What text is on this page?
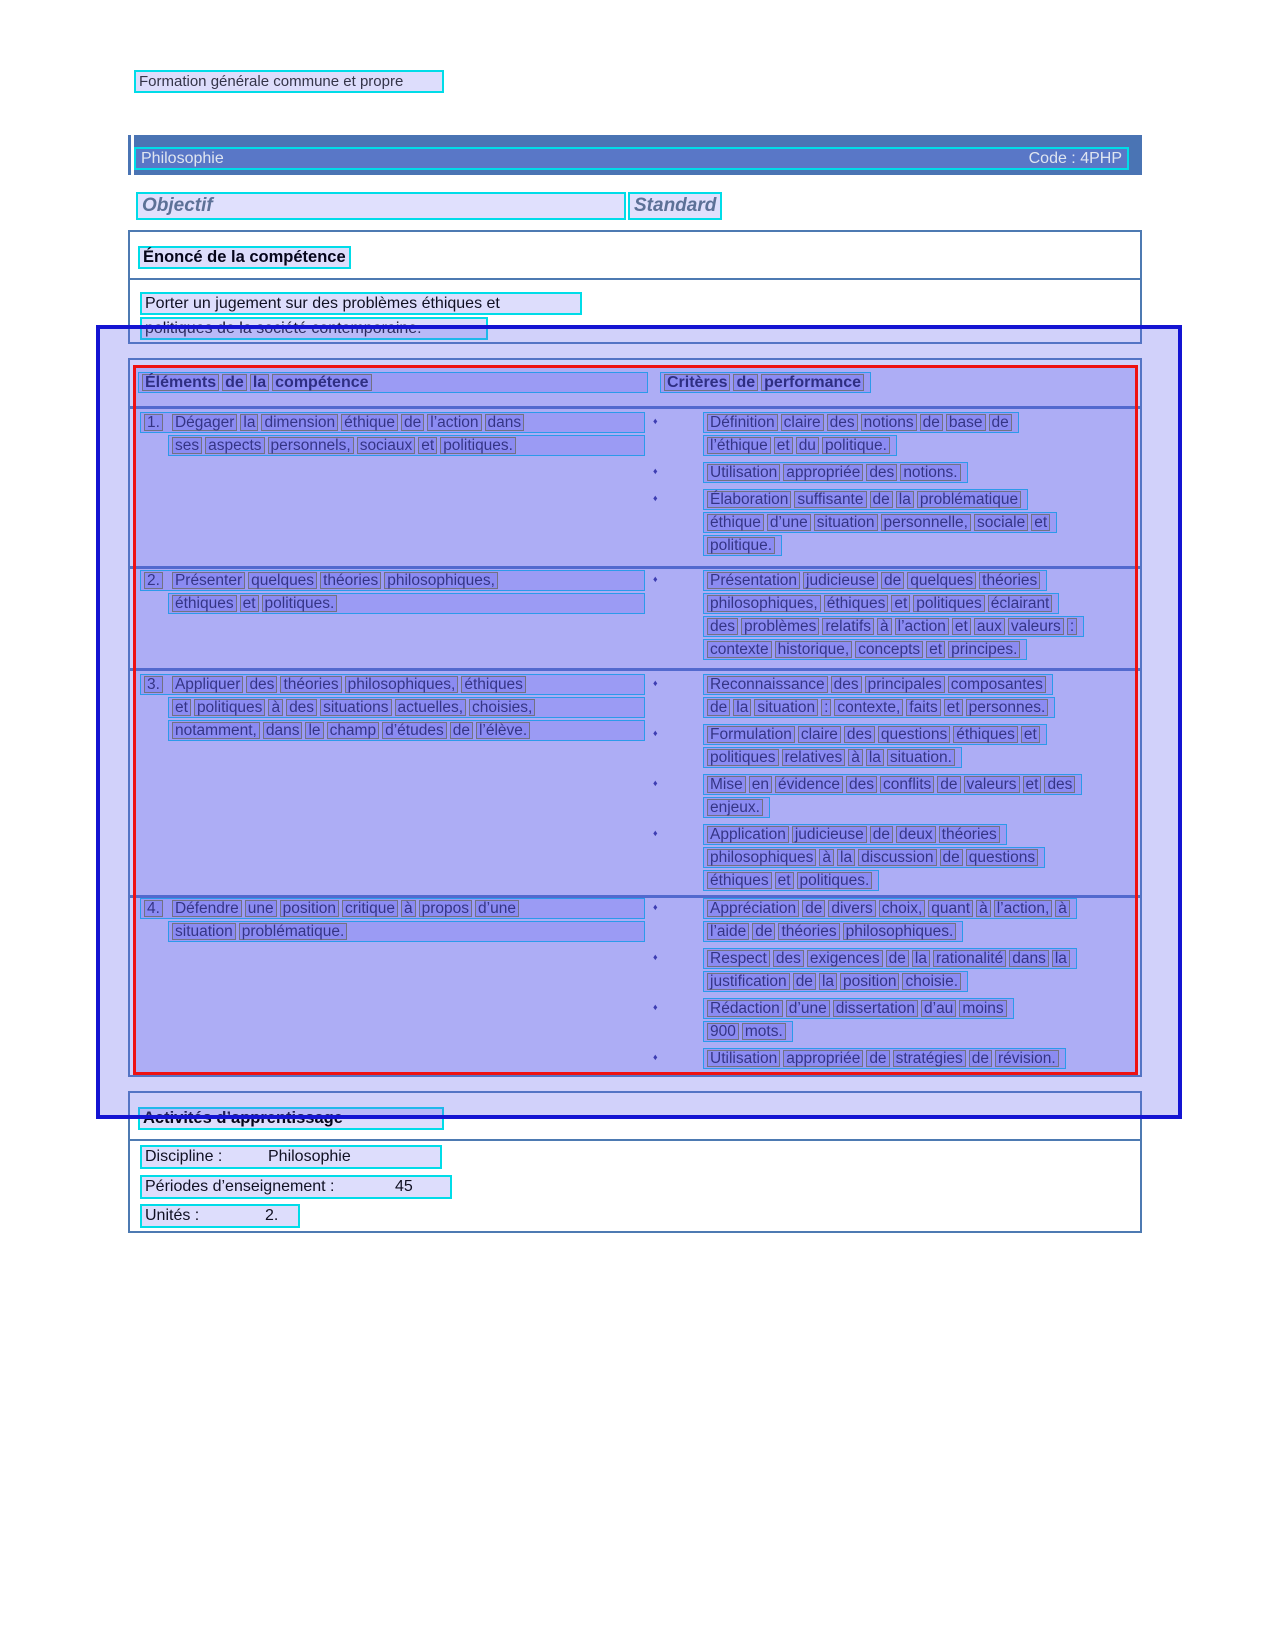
Formation générale commune et propre
Philosophie	Code : 4PHP
Objectif	Standard
Énoncé de la compétence
Porter un jugement sur des problèmes éthiques et
politiques de la société contemporaine.
Éléments de la compétence	Critères de performance
1. Dégager la dimension éthique de l’action dans
ses aspects personnels, sociaux et politiques.
♦	Définition claire des notions de base de
l’éthique et du politique.
♦	Utilisation appropriée des notions.
♦	Élaboration suffisante de la problématique
éthique d’une situation personnelle, sociale et
politique.
2. Présenter quelques théories philosophiques,
éthiques et politiques.
♦	Présentation judicieuse de quelques théories
philosophiques, éthiques et politiques éclairant
des problèmes relatifs à l’action et aux valeurs :
contexte historique, concepts et principes.
3. Appliquer des théories philosophiques, éthiques
et politiques à des situations actuelles, choisies,
notamment, dans le champ d’études de l’élève.
♦	Reconnaissance des principales composantes
de la situation : contexte, faits et personnes.
♦	Formulation claire des questions éthiques et
politiques relatives à la situation.
♦	Mise en évidence des conflits de valeurs et des
enjeux.
♦	Application judicieuse de deux théories
philosophiques à la discussion de questions
éthiques et politiques.
4. Défendre une position critique à propos d’une
situation problématique.
♦	Appréciation de divers choix, quant à l’action, à
l’aide de théories philosophiques.
♦	Respect des exigences de la rationalité dans la
justification de la position choisie.
♦	Rédaction d’une dissertation d’au moins
900 mots.
♦	Utilisation appropriée de stratégies de révision.
Activités d’apprentissage
Discipline :	Philosophie
Périodes d’enseignement :	45
Unités :	2.
